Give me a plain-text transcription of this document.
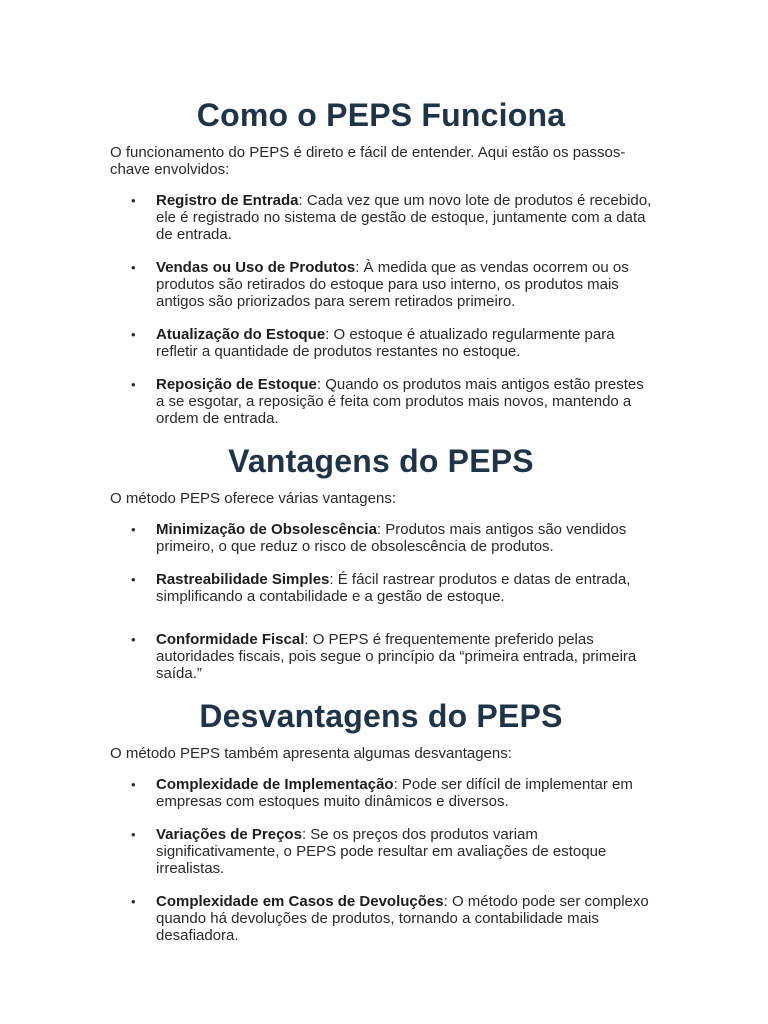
Como o PEPS Funciona

O funcionamento do PEPS é direto e fácil de entender. Aqui estão os passos-chave envolvidos:

• Registro de Entrada: Cada vez que um novo lote de produtos é recebido, ele é registrado no sistema de gestão de estoque, juntamente com a data de entrada.
• Vendas ou Uso de Produtos: À medida que as vendas ocorrem ou os produtos são retirados do estoque para uso interno, os produtos mais antigos são priorizados para serem retirados primeiro.
• Atualização do Estoque: O estoque é atualizado regularmente para refletir a quantidade de produtos restantes no estoque.
• Reposição de Estoque: Quando os produtos mais antigos estão prestes a se esgotar, a reposição é feita com produtos mais novos, mantendo a ordem de entrada.
Vantagens do PEPS

O método PEPS oferece várias vantagens:

• Minimização de Obsolescência: Produtos mais antigos são vendidos primeiro, o que reduz o risco de obsolescência de produtos.
• Rastreabilidade Simples: É fácil rastrear produtos e datas de entrada, simplificando a contabilidade e a gestão de estoque.
• Conformidade Fiscal: O PEPS é frequentemente preferido pelas autoridades fiscais, pois segue o princípio da “primeira entrada, primeira saída.”
Desvantagens do PEPS

O método PEPS também apresenta algumas desvantagens:

• Complexidade de Implementação: Pode ser difícil de implementar em empresas com estoques muito dinâmicos e diversos.
• Variações de Preços: Se os preços dos produtos variam significativamente, o PEPS pode resultar em avaliações de estoque irrealistas.
• Complexidade em Casos de Devoluções: O método pode ser complexo quando há devoluções de produtos, tornando a contabilidade mais desafiadora.
